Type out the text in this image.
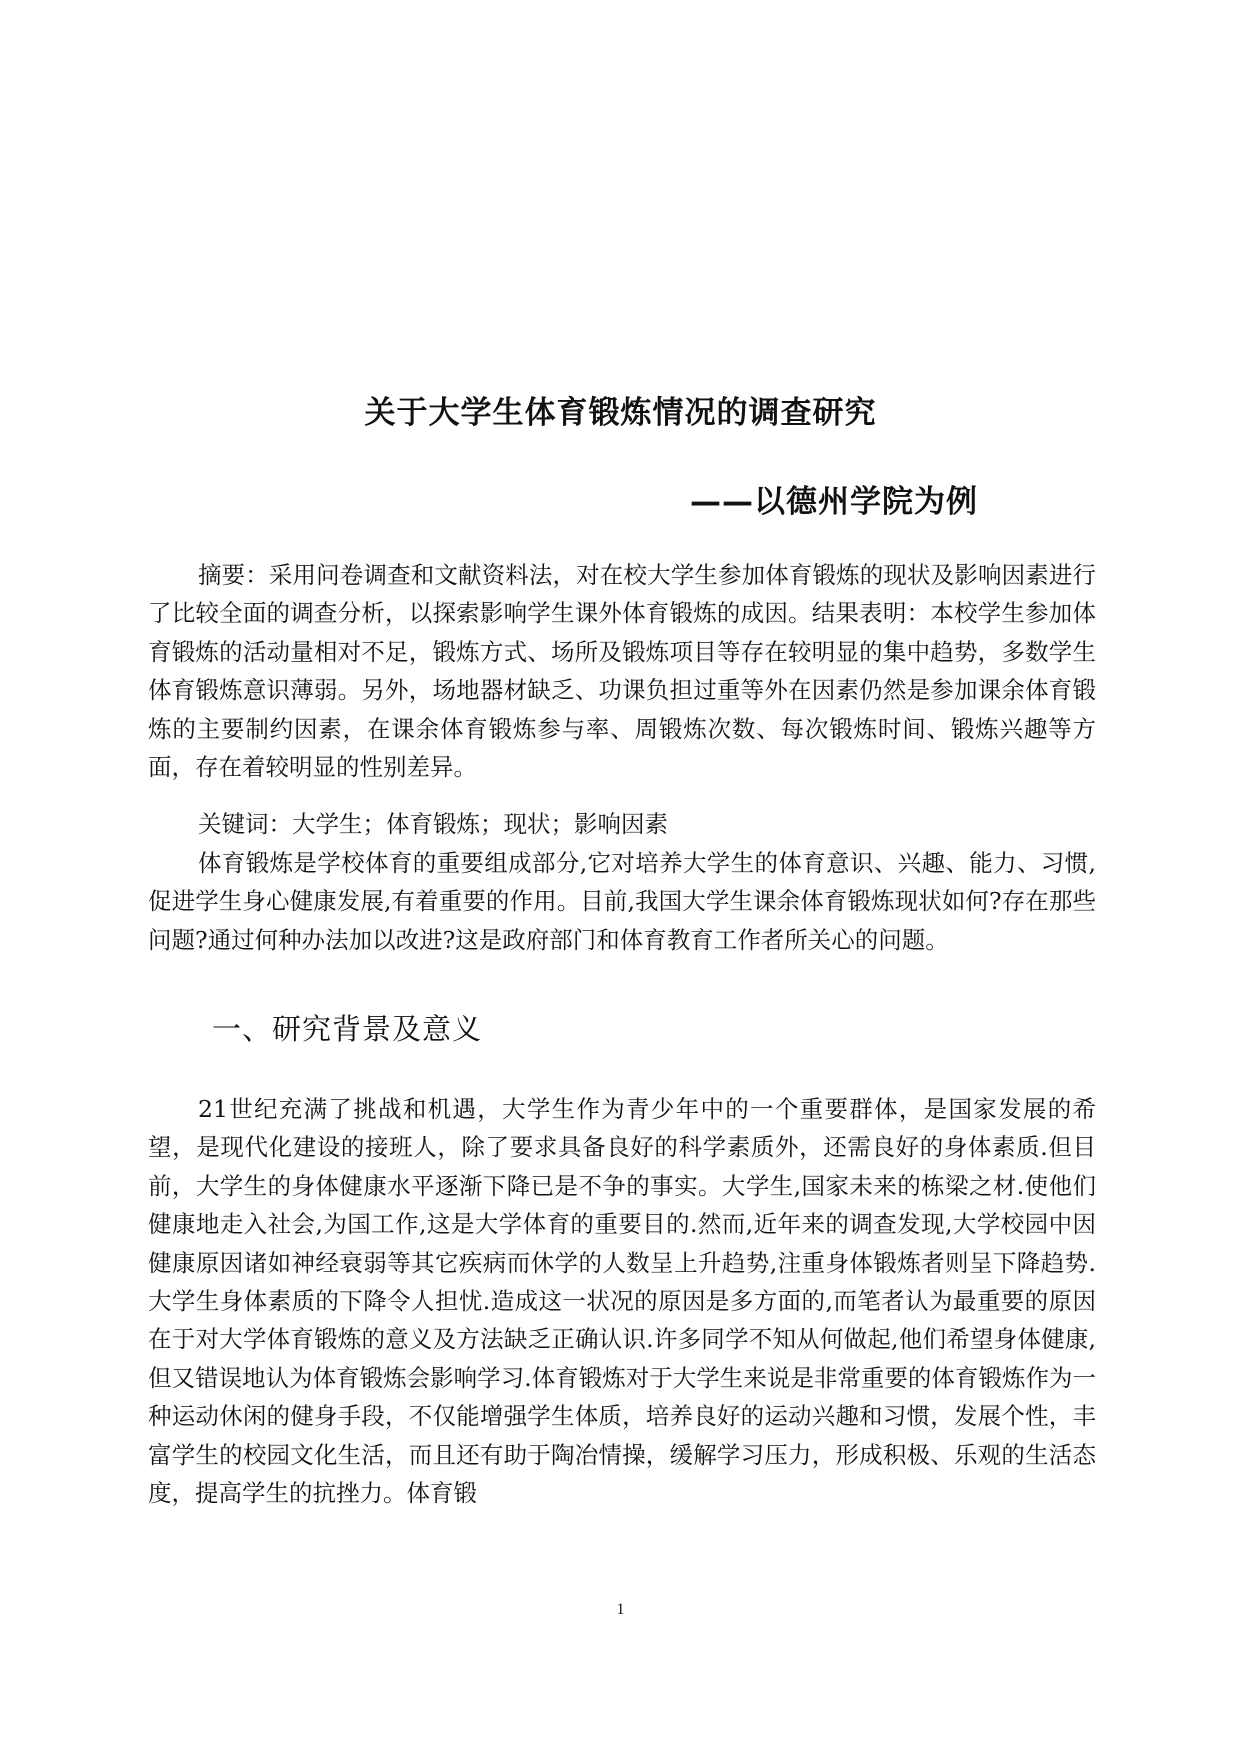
关于大学生体育锻炼情况的调查研究
——以德州学院为例

摘要：采用问卷调查和文献资料法，对在校大学生参加体育锻炼的现状及影响因素进行了比较全面的调查分析，以探索影响学生课外体育锻炼的成因。结果表明：本校学生参加体育锻炼的活动量相对不足，锻炼方式、场所及锻炼项目等存在较明显的集中趋势，多数学生体育锻炼意识薄弱。另外，场地器材缺乏、功课负担过重等外在因素仍然是参加课余体育锻炼的主要制约因素，在课余体育锻炼参与率、周锻炼次数、每次锻炼时间、锻炼兴趣等方面，存在着较明显的性别差异。

关键词：大学生；体育锻炼；现状；影响因素

体育锻炼是学校体育的重要组成部分,它对培养大学生的体育意识、兴趣、能力、习惯,促进学生身心健康发展,有着重要的作用。目前,我国大学生课余体育锻炼现状如何?存在那些问题?通过何种办法加以改进?这是政府部门和体育教育工作者所关心的问题。

一、研究背景及意义

21世纪充满了挑战和机遇，大学生作为青少年中的一个重要群体，是国家发展的希望，是现代化建设的接班人，除了要求具备良好的科学素质外，还需良好的身体素质.但目前，大学生的身体健康水平逐渐下降已是不争的事实。大学生,国家未来的栋梁之材.使他们健康地走入社会,为国工作,这是大学体育的重要目的.然而,近年来的调查发现,大学校园中因健康原因诸如神经衰弱等其它疾病而休学的人数呈上升趋势,注重身体锻炼者则呈下降趋势.大学生身体素质的下降令人担忧.造成这一状况的原因是多方面的,而笔者认为最重要的原因在于对大学体育锻炼的意义及方法缺乏正确认识.许多同学不知从何做起,他们希望身体健康,但又错误地认为体育锻炼会影响学习.体育锻炼对于大学生来说是非常重要的体育锻炼作为一种运动休闲的健身手段，不仅能增强学生体质，培养良好的运动兴趣和习惯，发展个性，丰富学生的校园文化生活，而且还有助于陶冶情操，缓解学习压力，形成积极、乐观的生活态度，提高学生的抗挫力。体育锻

1
